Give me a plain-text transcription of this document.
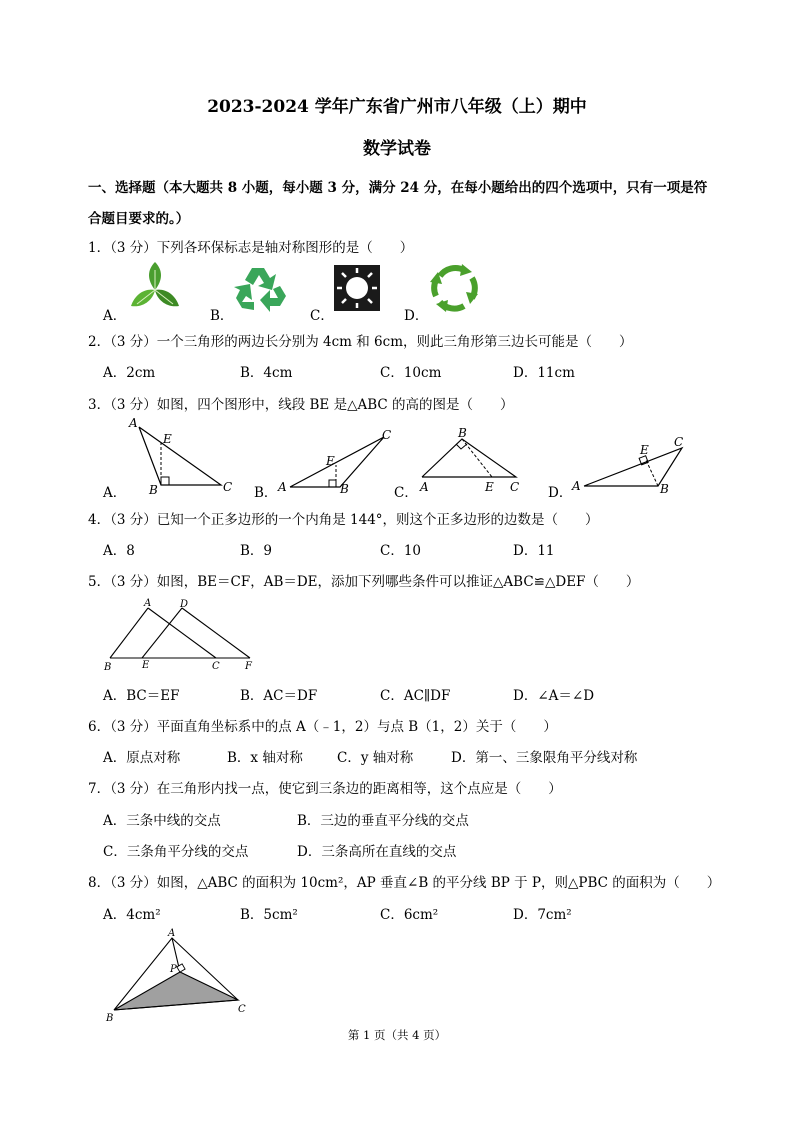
2023-2024 学年广东省广州市八年级（上）期中
数学试卷
一、选择题（本大题共 8 小题，每小题 3 分，满分 24 分，在每小题给出的四个选项中，只有一项是符
合题目要求的。）
1．（3 分）下列各环保标志是轴对称图形的是（　　）
A．	B．	C．	D．
2．（3 分）一个三角形的两边长分别为 4cm 和 6cm，则此三角形第三边长可能是（　　）
A．2cm	B．4cm	C．10cm	D．11cm
3．（3 分）如图，四个图形中，线段 BE 是△ABC 的高的图是（　　）
A．	B．	C．	D．
A
E
B	C	A
E
B
C
A
B
E C	A
E
B
C
4．（3 分）已知一个正多边形的一个内角是 144°，则这个正多边形的边数是（　　）
A．8	B．9	C．10	D．11
5．（3 分）如图，BE＝CF，AB＝DE，添加下列哪些条件可以推证△ABC≌△DEF（　　）
A	D
B	E	C	F
A．BC＝EF	B．AC＝DF	C．AC∥DF	D．∠A＝∠D
6．（3 分）平面直角坐标系中的点 A（﹣1，2）与点 B（1，2）关于（　　）
A．原点对称	B．x 轴对称	C．y 轴对称	D．第一、三象限角平分线对称
7．（3 分）在三角形内找一点，使它到三条边的距离相等，这个点应是（　　）
A．三条中线的交点	B．三边的垂直平分线的交点
C．三条角平分线的交点	D．三条高所在直线的交点
8．（3 分）如图，△ABC 的面积为 10cm²，AP 垂直∠B 的平分线 BP 于 P，则△PBC 的面积为（　　）
A．4cm²	B．5cm²	C．6cm²	D．7cm²
A
P
B
C
第 1 页（共 4 页）
